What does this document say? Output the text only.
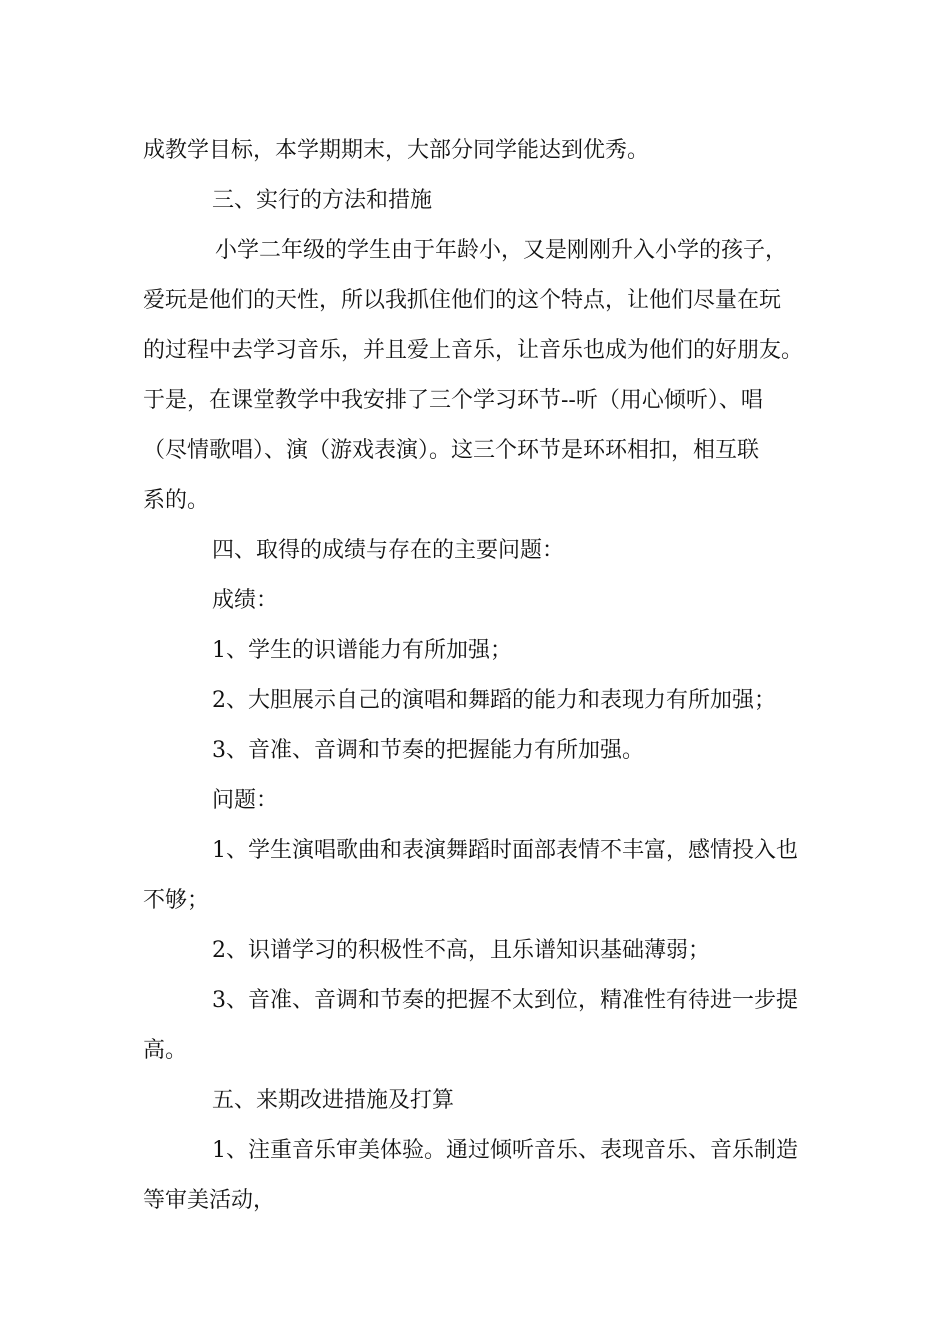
成教学目标，本学期期末，大部分同学能达到优秀。

三、实行的方法和措施

小学二年级的学生由于年龄小，又是刚刚升入小学的孩子，

爱玩是他们的天性，所以我抓住他们的这个特点，让他们尽量在玩

的过程中去学习音乐，并且爱上音乐，让音乐也成为他们的好朋友。

于是，在课堂教学中我安排了三个学习环节--听（用心倾听）、唱

（尽情歌唱）、演（游戏表演）。这三个环节是环环相扣，相互联

系的。

四、取得的成绩与存在的主要问题：

成绩：

1、学生的识谱能力有所加强；

2、大胆展示自己的演唱和舞蹈的能力和表现力有所加强；

3、音准、音调和节奏的把握能力有所加强。

问题：

1、学生演唱歌曲和表演舞蹈时面部表情不丰富，感情投入也

不够；

2、识谱学习的积极性不高，且乐谱知识基础薄弱；

3、音准、音调和节奏的把握不太到位，精准性有待进一步提

高。

五、来期改进措施及打算

1、注重音乐审美体验。通过倾听音乐、表现音乐、音乐制造

等审美活动，
